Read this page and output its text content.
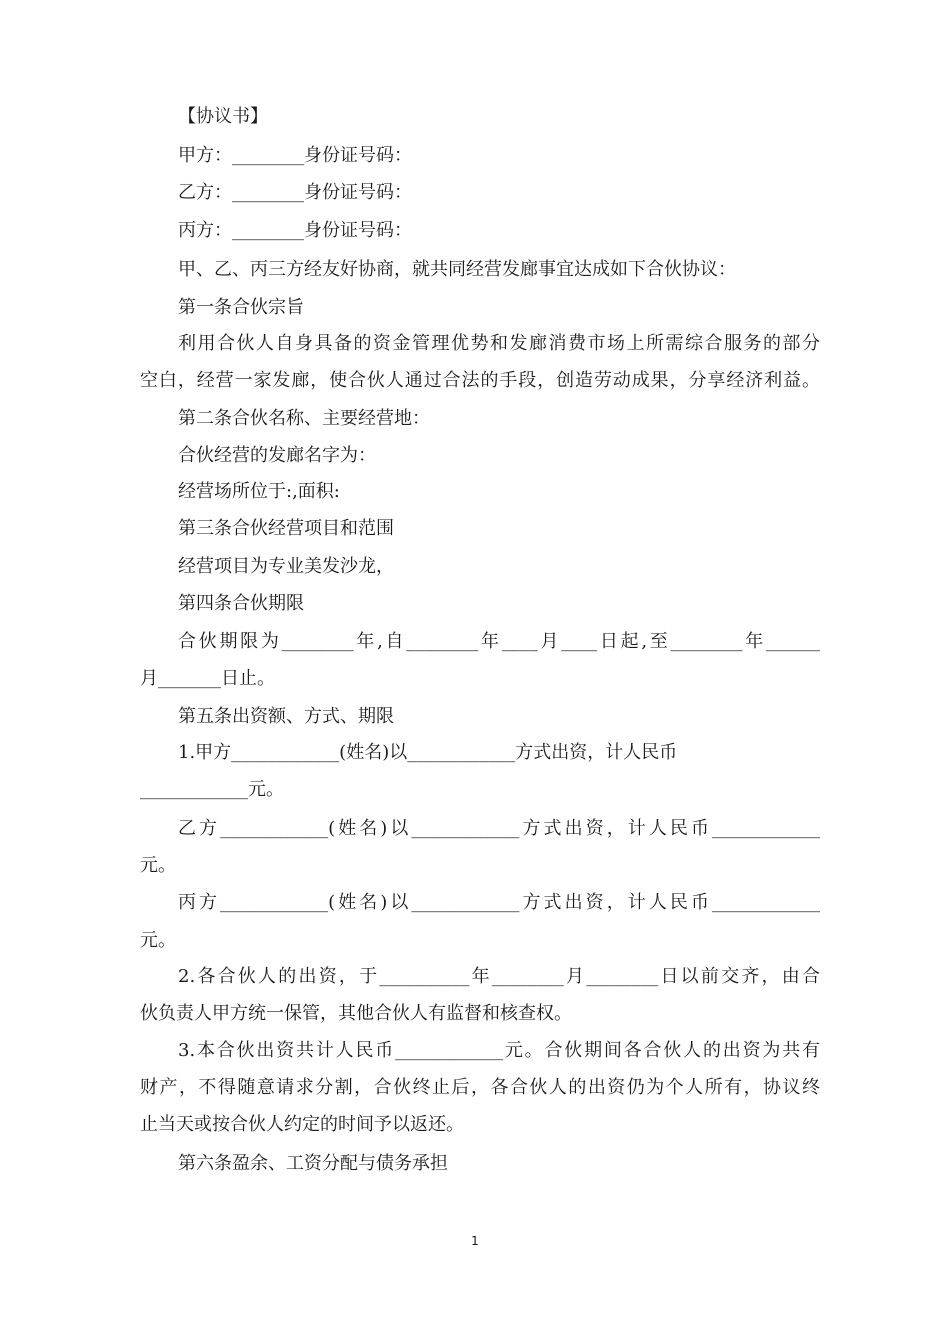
【协议书】
甲方：________身份证号码：
乙方：________身份证号码：
丙方：________身份证号码：
甲、乙、丙三方经友好协商，就共同经营发廊事宜达成如下合伙协议：
第一条合伙宗旨
利用合伙人自身具备的资金管理优势和发廊消费市场上所需综合服务的部分
空白，经营一家发廊，使合伙人通过合法的手段，创造劳动成果，分享经济利益。
第二条合伙名称、主要经营地：
合伙经营的发廊名字为：
经营场所位于:,面积:
第三条合伙经营项目和范围
经营项目为专业美发沙龙，
第四条合伙期限
合伙期限为________年,自________年____月____日起,至________年______
月_______日止。
第五条出资额、方式、期限
1.甲方____________(姓名)以____________方式出资，计人民币
____________元。
乙方____________(姓名)以____________方式出资，计人民币____________
元。
丙方____________(姓名)以____________方式出资，计人民币____________
元。
2.各合伙人的出资，于__________年________月________日以前交齐，由合
伙负责人甲方统一保管，其他合伙人有监督和核查权。
3.本合伙出资共计人民币____________元。合伙期间各合伙人的出资为共有
财产，不得随意请求分割，合伙终止后，各合伙人的出资仍为个人所有，协议终
止当天或按合伙人约定的时间予以返还。
第六条盈余、工资分配与债务承担
1
